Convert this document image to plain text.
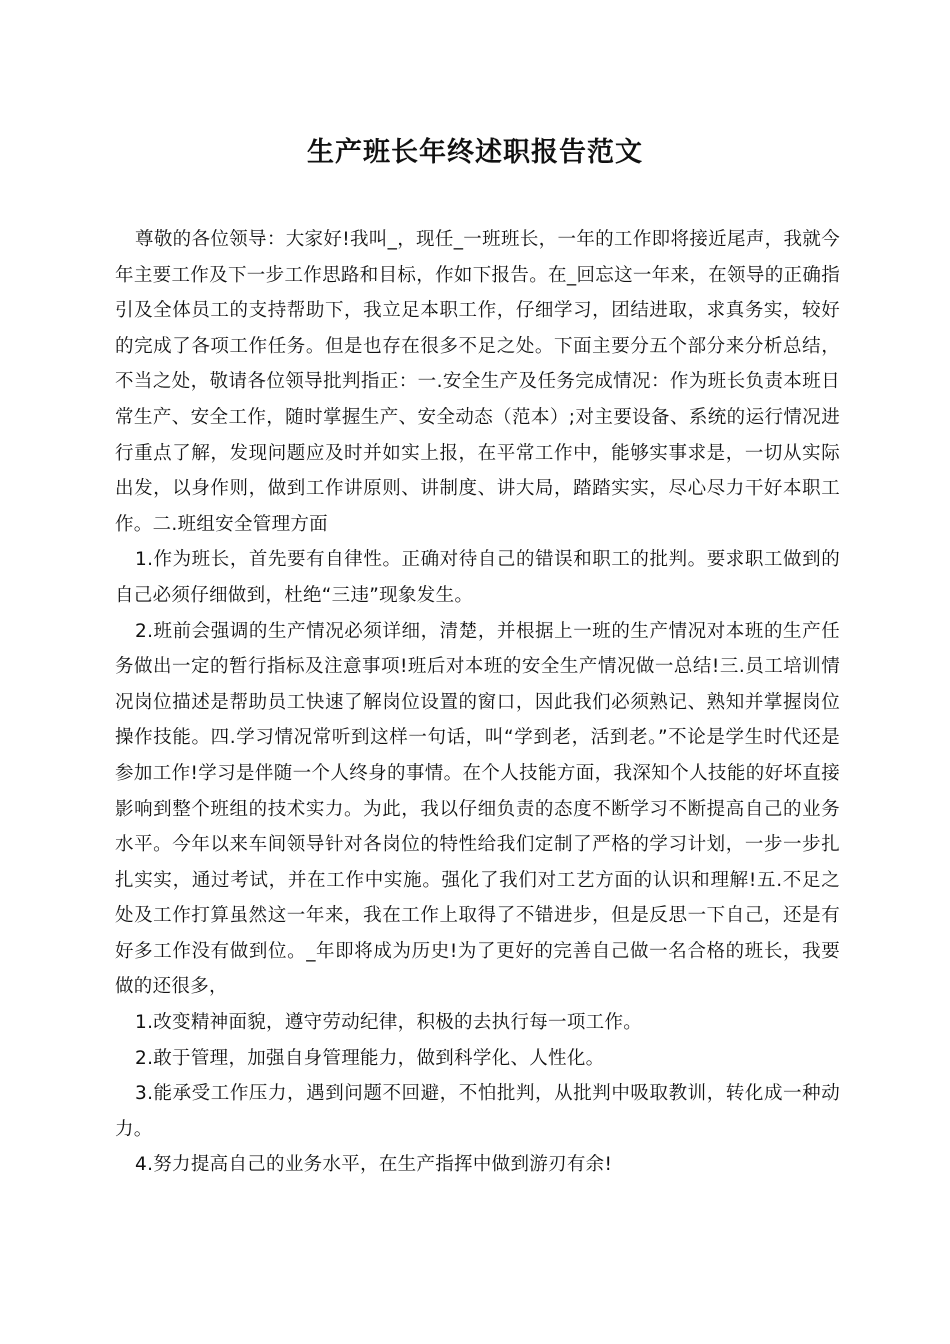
生产班长年终述职报告范文

尊敬的各位领导：大家好!我叫_，现任_一班班长，一年的工作即将接近尾声，我就今年主要工作及下一步工作思路和目标，作如下报告。在_回忘这一年来，在领导的正确指引及全体员工的支持帮助下，我立足本职工作，仔细学习，团结进取，求真务实，较好的完成了各项工作任务。但是也存在很多不足之处。下面主要分五个部分来分析总结，不当之处，敬请各位领导批判指正：一.安全生产及任务完成情况：作为班长负责本班日常生产、安全工作，随时掌握生产、安全动态（范本）;对主要设备、系统的运行情况进行重点了解，发现问题应及时并如实上报，在平常工作中，能够实事求是，一切从实际出发，以身作则，做到工作讲原则、讲制度、讲大局，踏踏实实，尽心尽力干好本职工作。二.班组安全管理方面

1.作为班长，首先要有自律性。正确对待自己的错误和职工的批判。要求职工做到的自己必须仔细做到，杜绝“三违”现象发生。

2.班前会强调的生产情况必须详细，清楚，并根据上一班的生产情况对本班的生产任务做出一定的暂行指标及注意事项!班后对本班的安全生产情况做一总结!三.员工培训情况岗位描述是帮助员工快速了解岗位设置的窗口，因此我们必须熟记、熟知并掌握岗位操作技能。四.学习情况常听到这样一句话，叫“学到老，活到老。”不论是学生时代还是参加工作!学习是伴随一个人终身的事情。在个人技能方面，我深知个人技能的好坏直接影响到整个班组的技术实力。为此，我以仔细负责的态度不断学习不断提高自己的业务水平。今年以来车间领导针对各岗位的特性给我们定制了严格的学习计划，一步一步扎扎实实，通过考试，并在工作中实施。强化了我们对工艺方面的认识和理解!五.不足之处及工作打算虽然这一年来，我在工作上取得了不错进步，但是反思一下自己，还是有好多工作没有做到位。_年即将成为历史!为了更好的完善自己做一名合格的班长，我要做的还很多，

1.改变精神面貌，遵守劳动纪律，积极的去执行每一项工作。

2.敢于管理，加强自身管理能力，做到科学化、人性化。

3.能承受工作压力，遇到问题不回避，不怕批判，从批判中吸取教训，转化成一种动力。

4.努力提高自己的业务水平，在生产指挥中做到游刃有余!
